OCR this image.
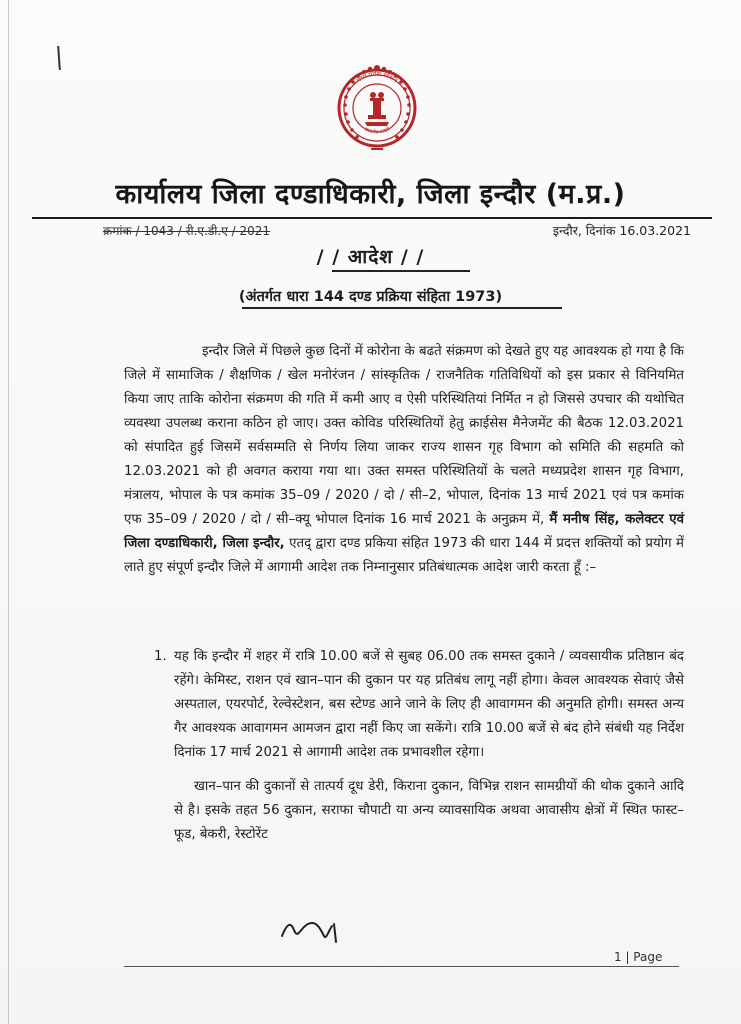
मध्य प्रदेश शासन
सत्यमेव जयते
कार्यालय जिला दण्डाधिकारी, जिला इन्दौर (म.प्र.)
क्रमांक / 1043 / री.ए.डी.ए / 2021	इन्दौर, दिनांक 16.03.2021
/ / आदेश / /
(अंतर्गत धारा 144 दण्ड प्रक्रिया संहिता 1973)

इन्दौर जिले में पिछले कुछ दिनों में कोरोना के बढते संक्रमण को देखते हुए यह आवश्यक हो गया है कि जिले में सामाजिक / शैक्षणिक / खेल मनोरंजन / सांस्कृतिक / राजनैतिक गतिविधियों को इस प्रकार से विनियमित किया जाए ताकि कोरोना संक्रमण की गति में कमी आए व ऐसी परिस्थितियां निर्मित न हो जिससे उपचार की यथोचित व्यवस्था उपलब्ध कराना कठिन हो जाए। उक्त कोविड परिस्थितियों हेतु क्राईसेस मैनेजमेंट की बैठक 12.03.2021 को संपादित हुई जिसमें सर्वसम्मति से निर्णय लिया जाकर राज्य शासन गृह विभाग को समिति की सहमति को 12.03.2021 को ही अवगत कराया गया था। उक्त समस्त परिस्थितियों के चलते मध्यप्रदेश शासन गृह विभाग, मंत्रालय, भोपाल के पत्र कमांक 35–09 / 2020 / दो / सी–2, भोपाल, दिनांक 13 मार्च 2021 एवं पत्र कमांक एफ 35–09 / 2020 / दो / सी–क्यू भोपाल दिनांक 16 मार्च 2021 के अनुक्रम में, मैं मनीष सिंह, कलेक्टर एवं जिला दण्डाधिकारी, जिला इन्दौर, एतद् द्वारा दण्ड प्रकिया संहित 1973 की धारा 144 में प्रदत्त शक्तियों को प्रयोग में लाते हुए संपूर्ण इन्दौर जिले में आगामी आदेश तक निम्नानुसार प्रतिबंधात्मक आदेश जारी करता हूँ :–

1. यह कि इन्दौर में शहर में रात्रि 10.00 बजें से सुबह 06.00 तक समस्त दुकाने / व्यवसायीक प्रतिष्ठान बंद रहेंगे। केमिस्ट, राशन एवं खान–पान की दुकान पर यह प्रतिबंध लागू नहीं होगा। केवल आवश्यक सेवाएं जैसे अस्पताल, एयरपोर्ट, रेल्वेस्टेशन, बस स्टेण्ड आने जाने के लिए ही आवागमन की अनुमति होगी। समस्त अन्य गैर आवश्यक आवागमन आमजन द्वारा नहीं किए जा सकेंगे। रात्रि 10.00 बजें से बंद होने संबंधी यह निर्देश दिनांक 17 मार्च 2021 से आगामी आदेश तक प्रभावशील रहेगा।
खान–पान की दुकानों से तात्पर्य दूध डेरी, किराना दुकान, विभिन्न राशन सामग्रीयों की थोक दुकाने आदि से है। इसके तहत 56 दुकान, सराफा चौपाटी या अन्य व्यावसायिक अथवा आवासीय क्षेत्रों में स्थित फास्ट–फूड, बेकरी, रेस्टोरेंट
1 | Page
